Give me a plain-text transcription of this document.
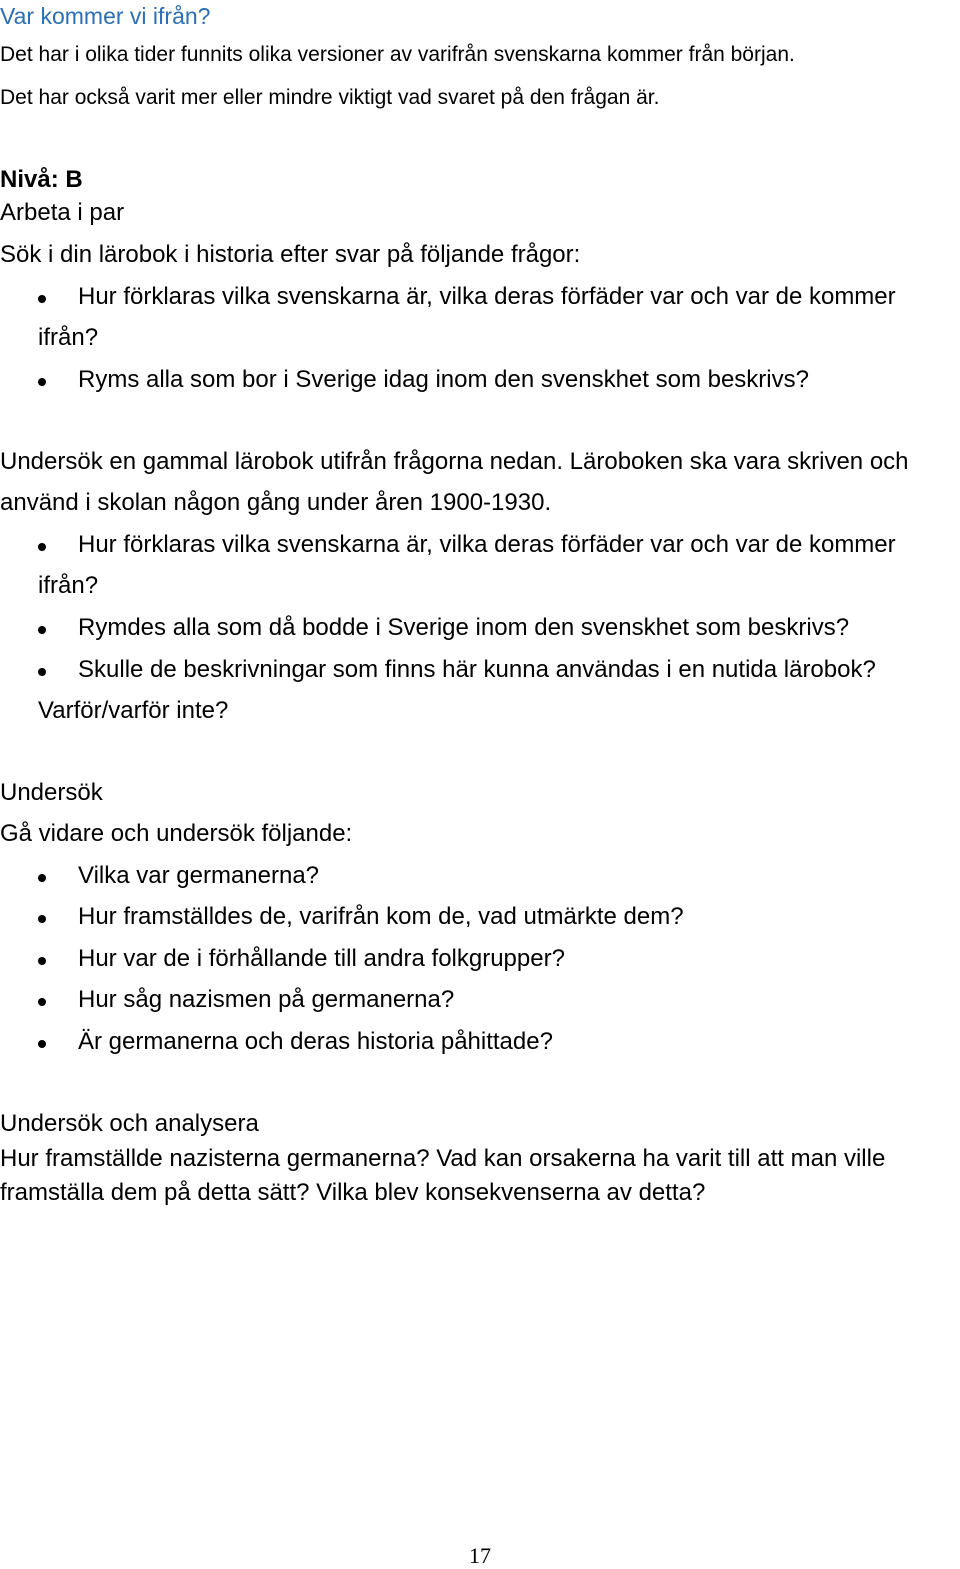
Var kommer vi ifrån?
Det har i olika tider funnits olika versioner av varifrån svenskarna kommer från början.
Det har också varit mer eller mindre viktigt vad svaret på den frågan är.
Nivå: B
Arbeta i par
Sök i din lärobok i historia efter svar på följande frågor:
Hur förklaras vilka svenskarna är, vilka deras förfäder var och var de kommer
ifrån?
Ryms alla som bor i Sverige idag inom den svenskhet som beskrivs?
Undersök en gammal lärobok utifrån frågorna nedan. Läroboken ska vara skriven och
använd i skolan någon gång under åren 1900-1930.
Hur förklaras vilka svenskarna är, vilka deras förfäder var och var de kommer
ifrån?
Rymdes alla som då bodde i Sverige inom den svenskhet som beskrivs?
Skulle de beskrivningar som finns här kunna användas i en nutida lärobok?
Varför/varför inte?
Undersök
Gå vidare och undersök följande:
Vilka var germanerna?
Hur framställdes de, varifrån kom de, vad utmärkte dem?
Hur var de i förhållande till andra folkgrupper?
Hur såg nazismen på germanerna?
Är germanerna och deras historia påhittade?
Undersök och analysera
Hur framställde nazisterna germanerna? Vad kan orsakerna ha varit till att man ville
framställa dem på detta sätt? Vilka blev konsekvenserna av detta?
17
